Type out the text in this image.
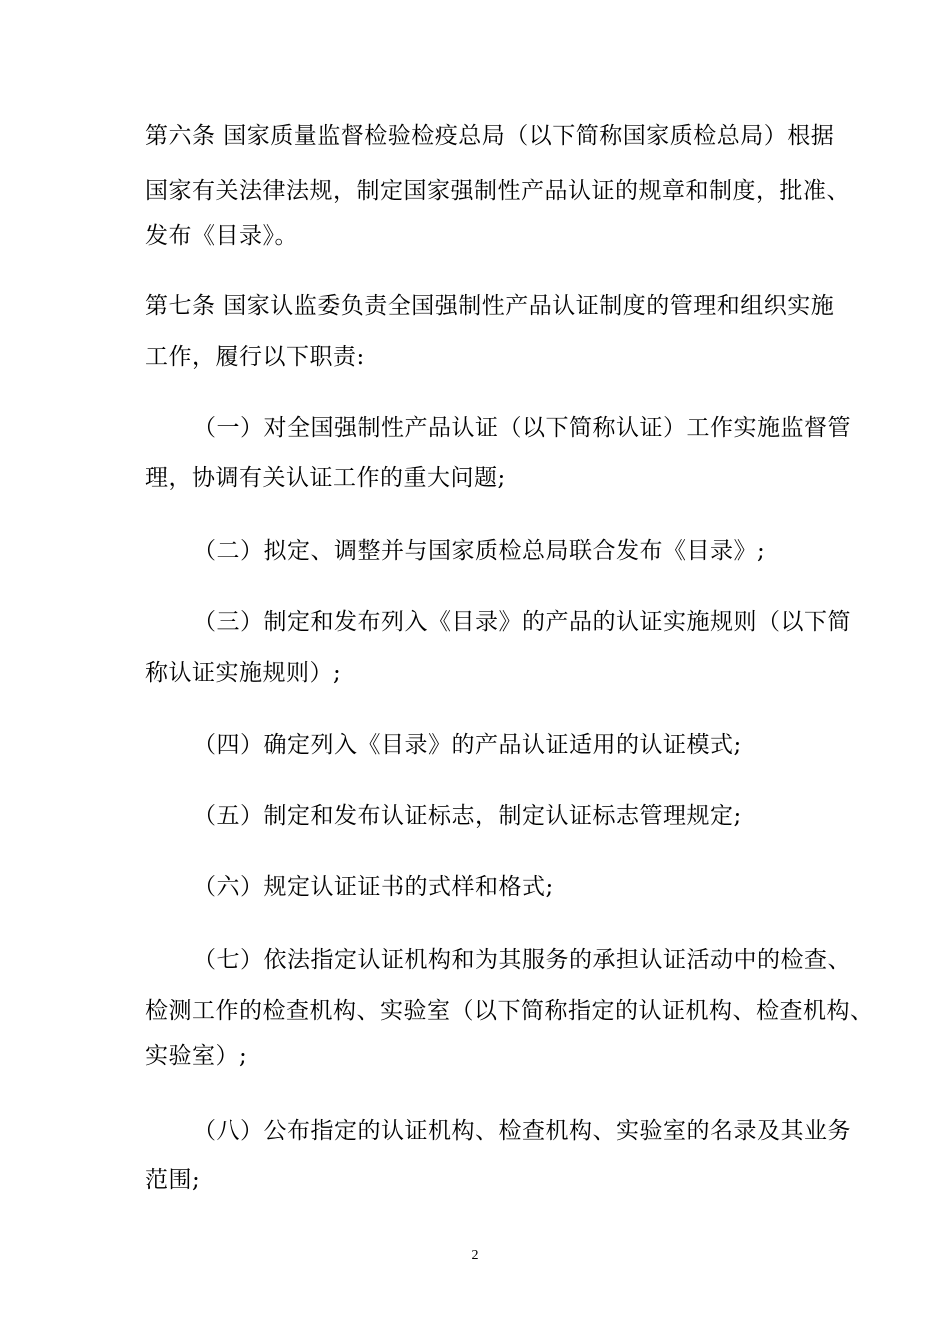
第六条 国家质量监督检验检疫总局（以下简称国家质检总局）根据
国家有关法律法规，制定国家强制性产品认证的规章和制度，批准、
发布《目录》。
第七条 国家认监委负责全国强制性产品认证制度的管理和组织实施
工作，履行以下职责:
（一）对全国强制性产品认证（以下简称认证）工作实施监督管
理，协调有关认证工作的重大问题;
（二）拟定、调整并与国家质检总局联合发布《目录》;
（三）制定和发布列入《目录》的产品的认证实施规则（以下简
称认证实施规则）;
（四）确定列入《目录》的产品认证适用的认证模式;
（五）制定和发布认证标志，制定认证标志管理规定;
（六）规定认证证书的式样和格式;
（七）依法指定认证机构和为其服务的承担认证活动中的检查、
检测工作的检查机构、实验室（以下简称指定的认证机构、检查机构、
实验室）;
（八）公布指定的认证机构、检查机构、实验室的名录及其业务
范围;
2
